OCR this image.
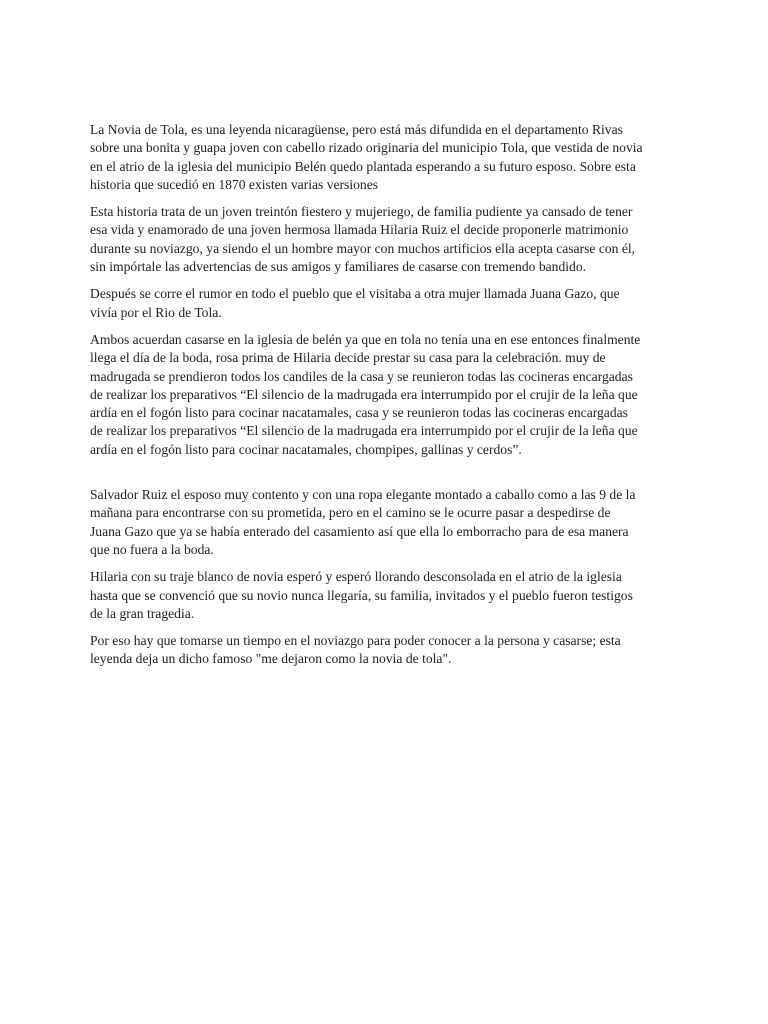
La Novia de Tola, es una leyenda nicaragüense, pero está más difundida en el departamento Rivas
sobre una bonita y guapa joven con cabello rizado originaria del municipio Tola, que vestida de novia
en el atrio de la iglesia del municipio Belén quedo plantada esperando a su futuro esposo. Sobre esta
historia que sucedió en 1870 existen varias versiones

Esta historia trata de un joven treintón fiestero y mujeriego, de familia pudiente ya cansado de tener
esa vida y enamorado de una joven hermosa llamada Hilaria Ruiz el decide proponerle matrimonio
durante su noviazgo, ya siendo el un hombre mayor con muchos artificios ella acepta casarse con él,
sin impórtale las advertencias de sus amigos y familiares de casarse con tremendo bandido.

Después se corre el rumor en todo el pueblo que el visitaba a otra mujer llamada Juana Gazo, que
vivía por el Rio de Tola.

Ambos acuerdan casarse en la iglesia de belén ya que en tola no tenía una en ese entonces finalmente
llega el día de la boda, rosa prima de Hilaria decide prestar su casa para la celebración. muy de
madrugada se prendieron todos los candiles de la casa y se reunieron todas las cocineras encargadas
de realizar los preparativos “El silencio de la madrugada era interrumpido por el crujir de la leña que
ardía en el fogón listo para cocinar nacatamales, casa y se reunieron todas las cocineras encargadas
de realizar los preparativos “El silencio de la madrugada era interrumpido por el crujir de la leña que
ardía en el fogón listo para cocinar nacatamales, chompipes, gallinas y cerdos”.

Salvador Ruiz el esposo muy contento y con una ropa elegante montado a caballo como a las 9 de la
mañana para encontrarse con su prometida, pero en el camino se le ocurre pasar a despedirse de
Juana Gazo que ya se había enterado del casamiento así que ella lo emborracho para de esa manera
que no fuera a la boda.

Hilaria con su traje blanco de novia esperó y esperó llorando desconsolada en el atrio de la iglesia
hasta que se convenció que su novio nunca llegaría, su familia, invitados y el pueblo fueron testigos
de la gran tragedia.

Por eso hay que tomarse un tiempo en el noviazgo para poder conocer a la persona y casarse; esta
leyenda deja un dicho famoso "me dejaron como la novia de tola".
